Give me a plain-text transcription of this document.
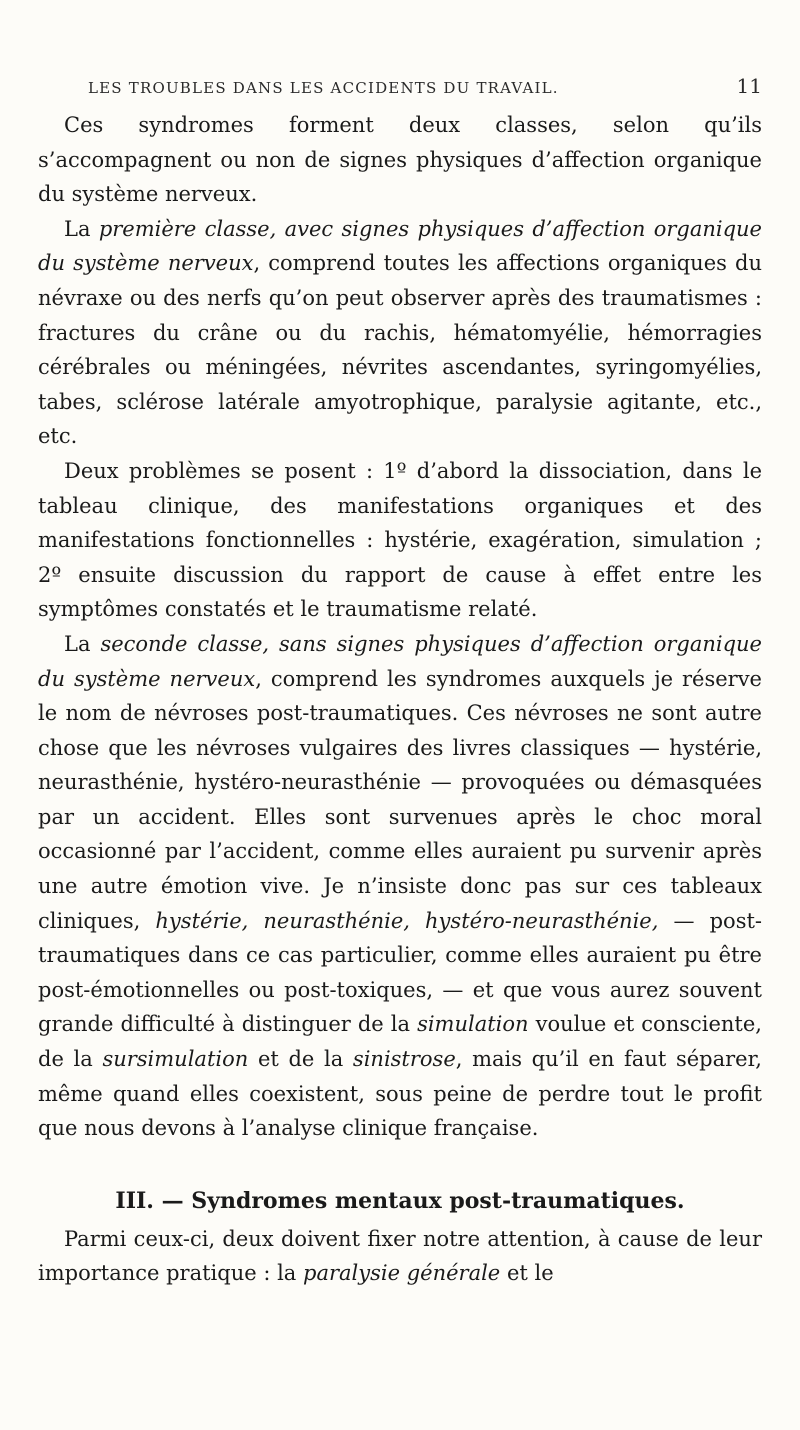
LES TROUBLES DANS LES ACCIDENTS DU TRAVAIL.	11

Ces syndromes forment deux classes, selon qu’ils s’accompagnent ou non de signes physiques d’affection organique du système nerveux.

La première classe, avec signes physiques d’affection organique du système nerveux, comprend toutes les affections organiques du névraxe ou des nerfs qu’on peut observer après des traumatismes : fractures du crâne ou du rachis, hématomyélie, hémorragies cérébrales ou méningées, névrites ascendantes, syringomyélies, tabes, sclérose latérale amyotrophique, paralysie agitante, etc., etc.

Deux problèmes se posent : 1º d’abord la dissociation, dans le tableau clinique, des manifestations organiques et des manifestations fonctionnelles : hystérie, exagération, simulation ; 2º ensuite discussion du rapport de cause à effet entre les symptômes constatés et le traumatisme relaté.

La seconde classe, sans signes physiques d’affection organique du système nerveux, comprend les syndromes auxquels je réserve le nom de névroses post-traumatiques. Ces névroses ne sont autre chose que les névroses vulgaires des livres classiques — hystérie, neurasthénie, hystéro-neurasthénie — provoquées ou démasquées par un accident. Elles sont survenues après le choc moral occasionné par l’accident, comme elles auraient pu survenir après une autre émotion vive. Je n’insiste donc pas sur ces tableaux cliniques, hystérie, neurasthénie, hystéro-neurasthénie, — post-traumatiques dans ce cas particulier, comme elles auraient pu être post-émotionnelles ou post-toxiques, — et que vous aurez souvent grande difficulté à distinguer de la simulation voulue et consciente, de la sursimulation et de la sinistrose, mais qu’il en faut séparer, même quand elles coexistent, sous peine de perdre tout le profit que nous devons à l’analyse clinique française.

III. — Syndromes mentaux post-traumatiques.

Parmi ceux-ci, deux doivent fixer notre attention, à cause de leur importance pratique : la paralysie générale et le
